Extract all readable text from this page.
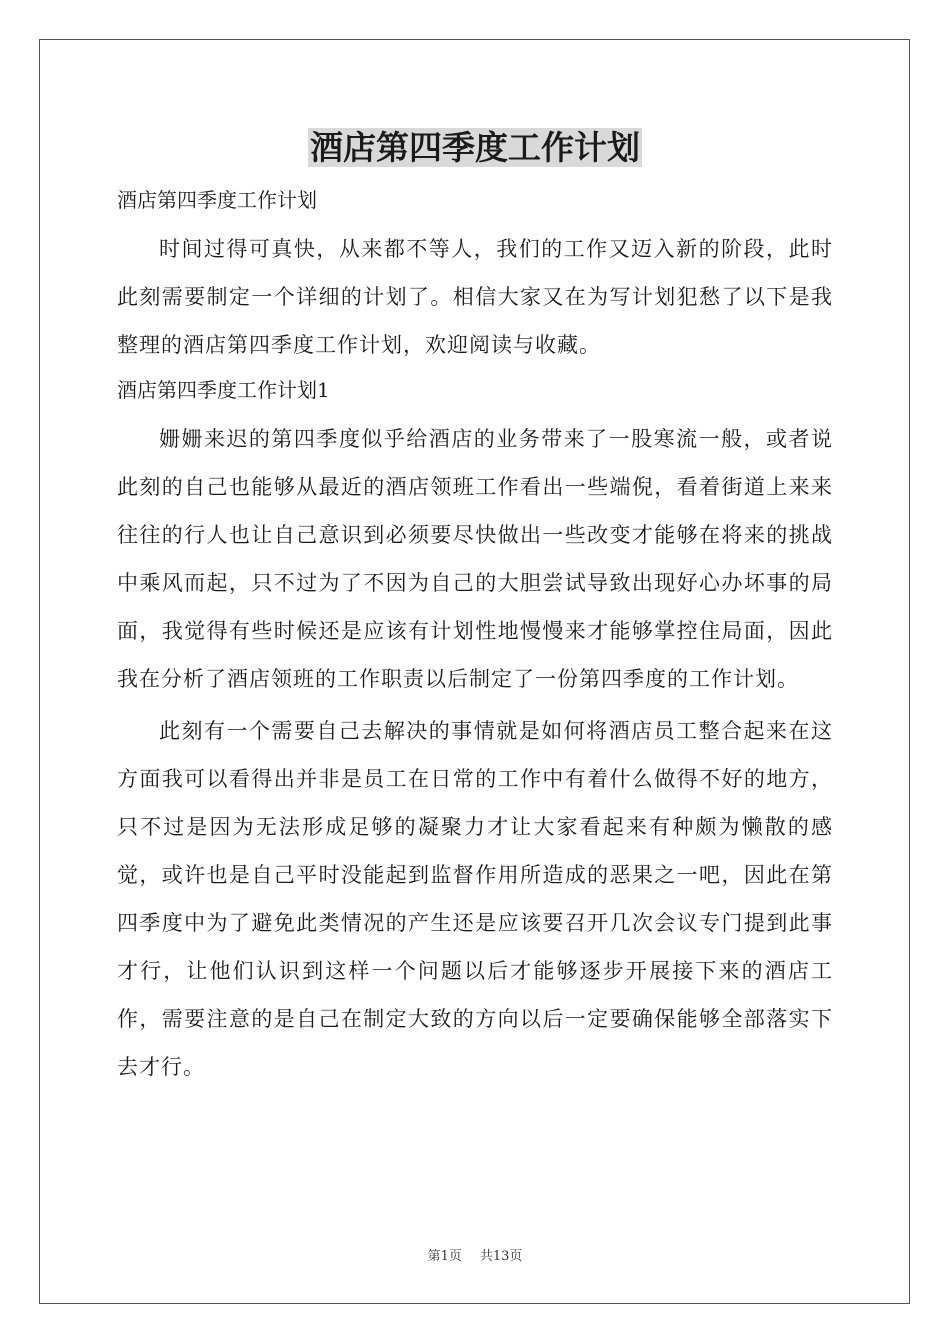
酒店第四季度工作计划

酒店第四季度工作计划

时间过得可真快，从来都不等人，我们的工作又迈入新的阶段，此时此刻需要制定一个详细的计划了。相信大家又在为写计划犯愁了以下是我整理的酒店第四季度工作计划，欢迎阅读与收藏。

酒店第四季度工作计划1

姗姗来迟的第四季度似乎给酒店的业务带来了一股寒流一般，或者说此刻的自己也能够从最近的酒店领班工作看出一些端倪，看着街道上来来往往的行人也让自己意识到必须要尽快做出一些改变才能够在将来的挑战中乘风而起，只不过为了不因为自己的大胆尝试导致出现好心办坏事的局面，我觉得有些时候还是应该有计划性地慢慢来才能够掌控住局面，因此我在分析了酒店领班的工作职责以后制定了一份第四季度的工作计划。

此刻有一个需要自己去解决的事情就是如何将酒店员工整合起来在这方面我可以看得出并非是员工在日常的工作中有着什么做得不好的地方，只不过是因为无法形成足够的凝聚力才让大家看起来有种颇为懒散的感觉，或许也是自己平时没能起到监督作用所造成的恶果之一吧，因此在第四季度中为了避免此类情况的产生还是应该要召开几次会议专门提到此事才行，让他们认识到这样一个问题以后才能够逐步开展接下来的酒店工作，需要注意的是自己在制定大致的方向以后一定要确保能够全部落实下去才行。

第1页 共13页
